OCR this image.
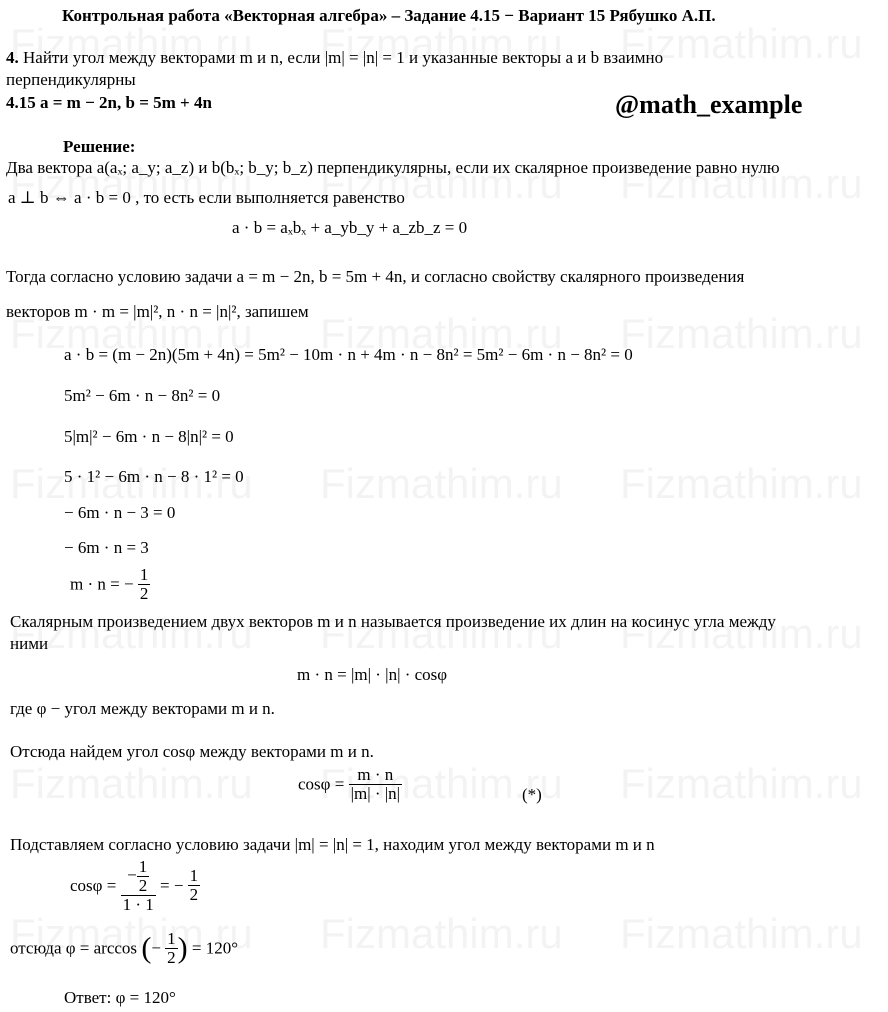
Контрольная работа «Векторная алгебра» – Задание 4.15 − Вариант 15 Рябушко А.П.
4. Найти угол между векторами m и n, если |m| = |n| = 1 и указанные векторы a и b взаимно
перпендикулярны
4.15 a = m − 2n, b = 5m + 4n	@math_example
Решение:
Два вектора a(aₓ; a_y; a_z) и b(bₓ; b_y; b_z) перпендикулярны, если их скалярное произведение равно нулю
a ⊥ b ⇔ a · b = 0 , то есть если выполняется равенство
a · b = aₓbₓ + a_yb_y + a_zb_z = 0
Тогда согласно условию задачи a = m − 2n, b = 5m + 4n, и согласно свойству скалярного произведения
векторов m · m = |m|², n · n = |n|², запишем
a · b = (m − 2n)(5m + 4n) = 5m² − 10m · n + 4m · n − 8n² = 5m² − 6m · n − 8n² = 0
5m² − 6m · n − 8n² = 0
5|m|² − 6m · n − 8|n|² = 0
5 · 1² − 6m · n − 8 · 1² = 0
− 6m · n − 3 = 0
− 6m · n = 3
m · n = − $\frac{1}{2}$
Скалярным произведением двух векторов m и n называется произведение их длин на косинус угла между
ними
m · n = |m| · |n| · cosφ
где φ − угол между векторами m и n.
Отсюда найдем угол cosφ между векторами m и n.
$\cos\varphi = \frac{m \cdot n}{|m| \cdot |n|}$	(*)
Подставляем согласно условию задачи |m| = |n| = 1, находим угол между векторами m и n
$\cos\varphi = \frac{- \frac{1}{2}}{1 \cdot 1}$ = − $\frac{1}{2}$
отсюда φ = arccos (− $\frac{1}{2}$ ) = 120°
Ответ: φ = 120°
